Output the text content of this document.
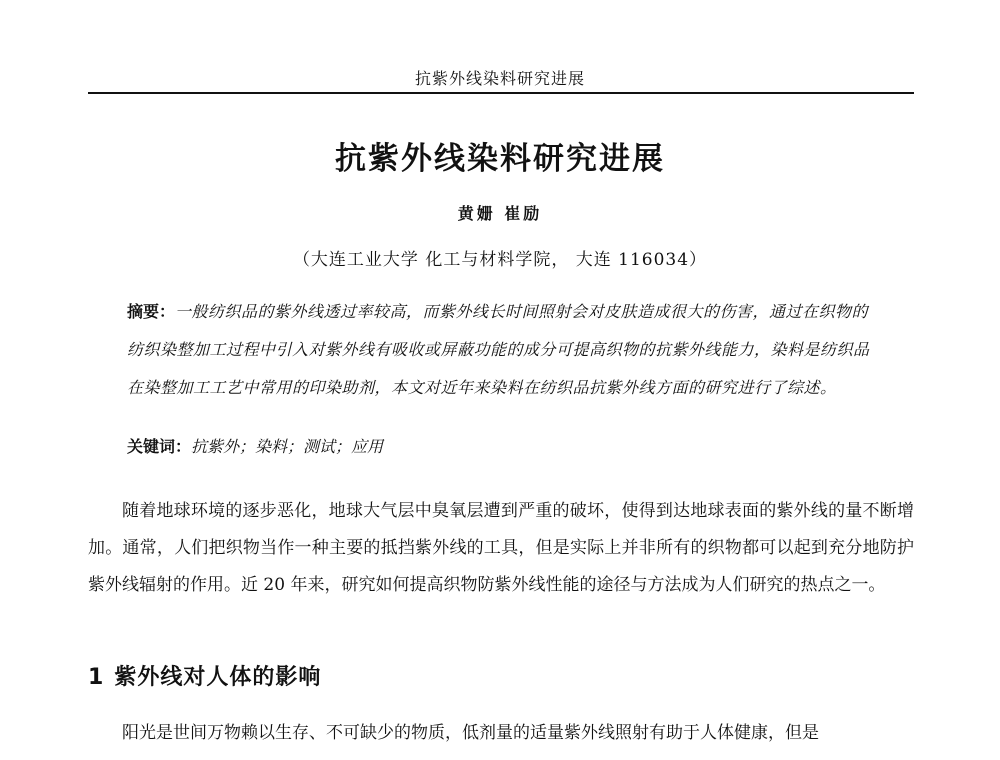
抗紫外线染料研究进展
抗紫外线染料研究进展
黄姗 崔励
（大连工业大学 化工与材料学院， 大连 116034）
摘要：一般纺织品的紫外线透过率较高，而紫外线长时间照射会对皮肤造成很大的伤害，通过在织物的纺织染整加工过程中引入对紫外线有吸收或屏蔽功能的成分可提高织物的抗紫外线能力，染料是纺织品在染整加工工艺中常用的印染助剂，本文对近年来染料在纺织品抗紫外线方面的研究进行了综述。
关键词：抗紫外；染料；测试；应用
随着地球环境的逐步恶化，地球大气层中臭氧层遭到严重的破坏，使得到达地球表面的紫外线的量不断增加。通常，人们把织物当作一种主要的抵挡紫外线的工具，但是实际上并非所有的织物都可以起到充分地防护紫外线辐射的作用。近 20 年来，研究如何提高织物防紫外线性能的途径与方法成为人们研究的热点之一。
1 紫外线对人体的影响
阳光是世间万物赖以生存、不可缺少的物质，低剂量的适量紫外线照射有助于人体健康，但是
